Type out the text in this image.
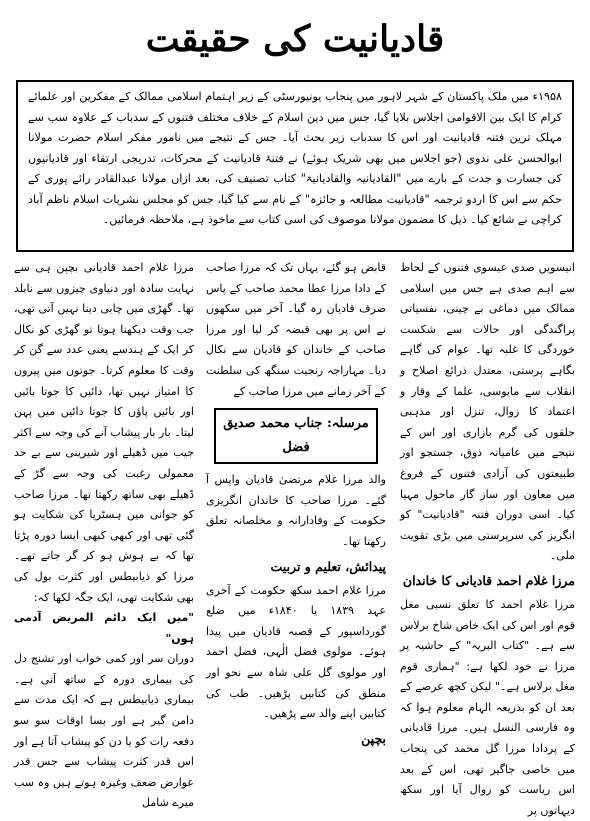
قادیانیت کی حقیقت

۱۹۵۸ء میں ملک پاکستان کے شہر لاہور میں پنجاب یونیورسٹی کے زیر اہتمام اسلامی ممالک کے مفکرین اور علمائے کرام کا ایک بین الاقوامی اجلاس بلایا گیا، جس میں دین اسلام کے خلاف مختلف فتنوں کے سدباب کے علاوہ سب سے مہلک ترین فتنہ قادیانیت اور اس کا سدباب زیر بحث آیا۔ جس کے نتیجے میں نامور مفکر اسلام حضرت مولانا ابوالحسن علی ندوی (جو اجلاس میں بھی شریک ہوئے) نے فتنۂ قادیانیت کے محرکات، تدریجی ارتقاء اور قادیانیوں کی جسارت و جدت کے بارے میں "القادیانیہ والقادیانیۃ" کتاب تصنیف کی، بعد ازاں مولانا عبدالقادر رائے پوری کے حکم سے اس کا اردو ترجمہ "قادیانیت مطالعہ و جائزہ" کے نام سے کیا گیا، جس کو مجلس نشریات اسلام ناظم آباد کراچی نے شائع کیا۔ ذیل کا مضمون مولانا موصوف کی اسی کتاب سے ماخوذ ہے، ملاحظہ فرمائیں۔

انیسویں صدی عیسوی فتنوں کے لحاظ سے اہم صدی ہے جس میں اسلامی ممالک میں دماغی بے چینی، نفسیاتی پراگندگی اور حالات سے شکست خوردگی کا غلبہ تھا۔ عوام کی گاہے بگاہے پرستی، معتدل ذرائع اصلاح و انقلاب سے مایوسی، علما کے وقار و اعتماد کا زوال، تنزل اور مذہبی حلقوں کی گرم بازاری اور اس کے نتیجے میں عامیانہ ذوق، جستجو اور طبیعتوں کی آزادی فتنوں کے فروغ میں معاون اور ساز گار ماحول مہیا کیا۔ اسی دوران فتنہ "قادیانیت" کو انگریز کی سرپرستی میں بڑی تقویت ملی۔

مرزا غلام احمد قادیانی کا خاندان

مرزا غلام احمد کا تعلق نسبی مغل قوم اور اس کی ایک خاص شاخ برلاس سے ہے۔ "کتاب البریہ" کے حاشیہ پر مرزا نے خود لکھا ہے: "ہماری قوم مغل برلاس ہے۔" لیکن کچھ عرصے کے بعد ان کو بذریعہ الہام معلوم ہوا کہ وہ فارسی النسل ہیں۔ مرزا قادیانی کے پردادا مرزا گل محمد کی پنجاب میں خاصی جاگیر تھی، اس کے بعد اس ریاست کو زوال آیا اور سکھ دیہاتوں پر

قابض ہو گئے، یہاں تک کہ مرزا صاحب کے دادا مرزا عطا محمد صاحب کے پاس صرف قادیان رہ گیا۔ آخر میں سکھوں نے اس پر بھی قبضہ کر لیا اور مرزا صاحب کے خاندان کو قادیان سے نکال دیا۔ مہاراجہ رنجیت سنگھ کی سلطنت کے آخر زمانے میں مرزا صاحب کے

مرسلہ: جناب محمد صدیق فضل

والد مرزا غلام مرتضیٰ قادیان واپس آ گئے۔ مرزا صاحب کا خاندان انگریزی حکومت کے وفادارانہ و مخلصانہ تعلق رکھتا تھا۔

پیدائش، تعلیم و تربیت

مرزا غلام احمد سکھ حکومت کے آخری عہد ۱۸۳۹ یا ۱۸۴۰ء میں ضلع گورداسپور کے قصبہ قادیان میں پیدا ہوئے۔ مولوی فضل الٰہی، فضل احمد اور مولوی گل علی شاہ سے نحو اور منطق کی کتابیں پڑھیں۔ طب کی کتابیں اپنے والد سے پڑھیں۔

بچپن

مرزا غلام احمد قادیانی بچپن ہی سے نہایت سادہ اور دنیاوی چیزوں سے نابلد تھا۔ گھڑی میں چابی دینا نہیں آتی تھی، جب وقت دیکھنا ہوتا تو گھڑی کو نکال کر ایک کے ہندسے یعنی عدد سے گن کر وقت کا معلوم کرتا۔ جوتوں میں پیروں کا امتیاز نہیں تھا، دائیں کا جوتا بائیں اور بائیں پاؤں کا جوتا دائیں میں پہن لیتا۔ بار بار پیشاب آنے کی وجہ سے اکثر جیب میں ڈھیلے اور شیرینی سے بے حد معمولی رغبت کی وجہ سے گڑ کے ڈھیلے بھی ساتھ رکھتا تھا۔ مرزا صاحب کو جوانی میں ہسٹریا کی شکایت ہو گئی تھی اور کبھی کبھی ایسا دورہ پڑتا تھا کہ بے ہوش ہو کر گر جاتے تھے۔ مرزا کو ذیابیطس اور کثرت بول کی بھی شکایت تھی، ایک جگہ لکھا کہ:

"میں ایک دائم المریض آدمی ہوں"

دوران سر اور کمی خواب اور تشنج دل کی بیماری دورہ کے ساتھ آتی ہے۔ بیماری ذیابیطس ہے کہ ایک مدت سے دامن گیر ہے اور بسا اوقات سو سو دفعہ رات کو یا دن کو پیشاب آتا ہے اور اس قدر کثرت پیشاب سے جس قدر عوارض ضعف وغیرہ ہوتے ہیں وہ سب میرے شامل
